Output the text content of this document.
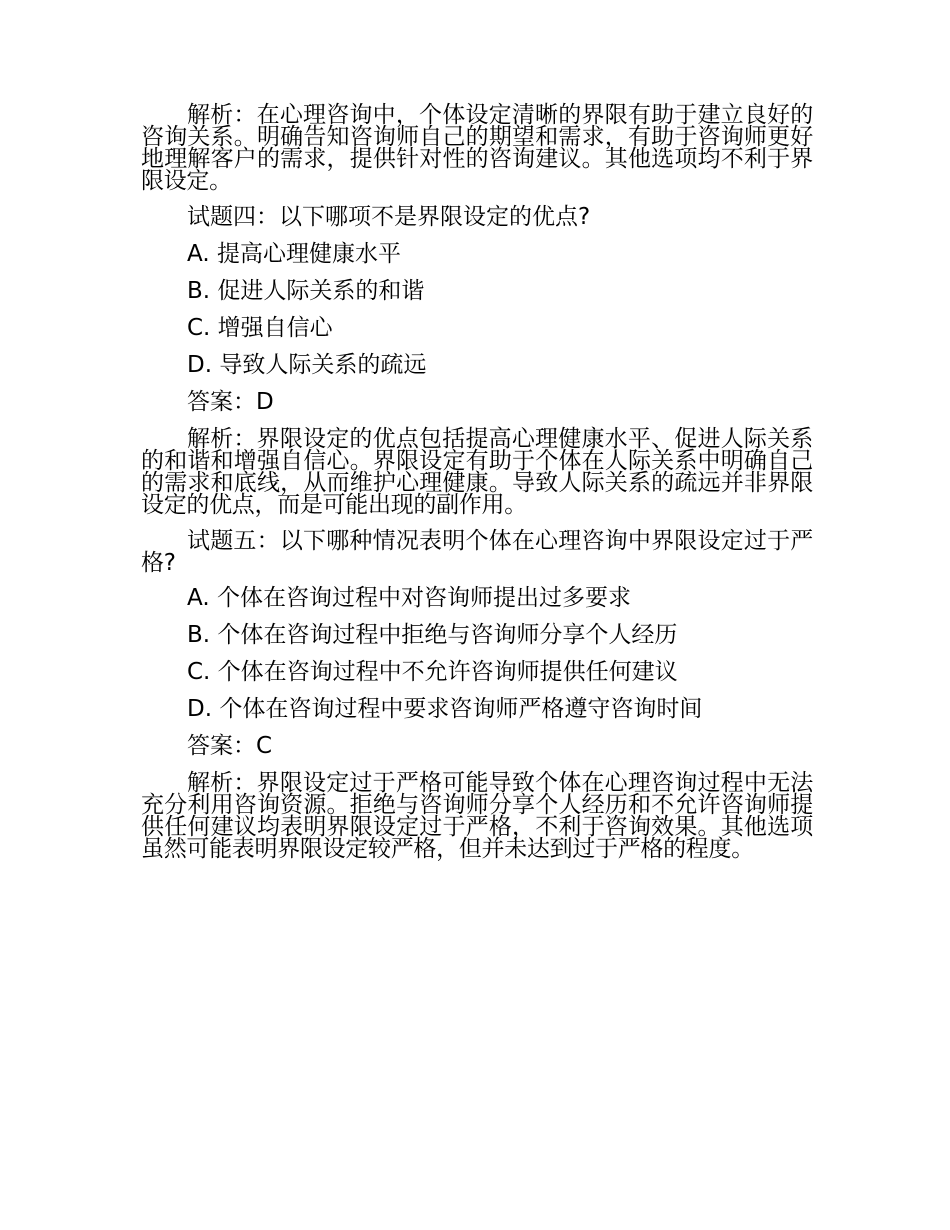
解析：在心理咨询中，个体设定清晰的界限有助于建立良好的咨询关系。明确告知咨询师自己的期望和需求，有助于咨询师更好地理解客户的需求，提供针对性的咨询建议。其他选项均不利于界限设定。

试题四：以下哪项不是界限设定的优点?

A. 提高心理健康水平

B. 促进人际关系的和谐

C. 增强自信心

D. 导致人际关系的疏远

答案：D

解析：界限设定的优点包括提高心理健康水平、促进人际关系的和谐和增强自信心。界限设定有助于个体在人际关系中明确自己的需求和底线，从而维护心理健康。导致人际关系的疏远并非界限设定的优点，而是可能出现的副作用。

试题五：以下哪种情况表明个体在心理咨询中界限设定过于严格?

A. 个体在咨询过程中对咨询师提出过多要求

B. 个体在咨询过程中拒绝与咨询师分享个人经历

C. 个体在咨询过程中不允许咨询师提供任何建议

D. 个体在咨询过程中要求咨询师严格遵守咨询时间

答案：C

解析：界限设定过于严格可能导致个体在心理咨询过程中无法充分利用咨询资源。拒绝与咨询师分享个人经历和不允许咨询师提供任何建议均表明界限设定过于严格，不利于咨询效果。其他选项虽然可能表明界限设定较严格，但并未达到过于严格的程度。
